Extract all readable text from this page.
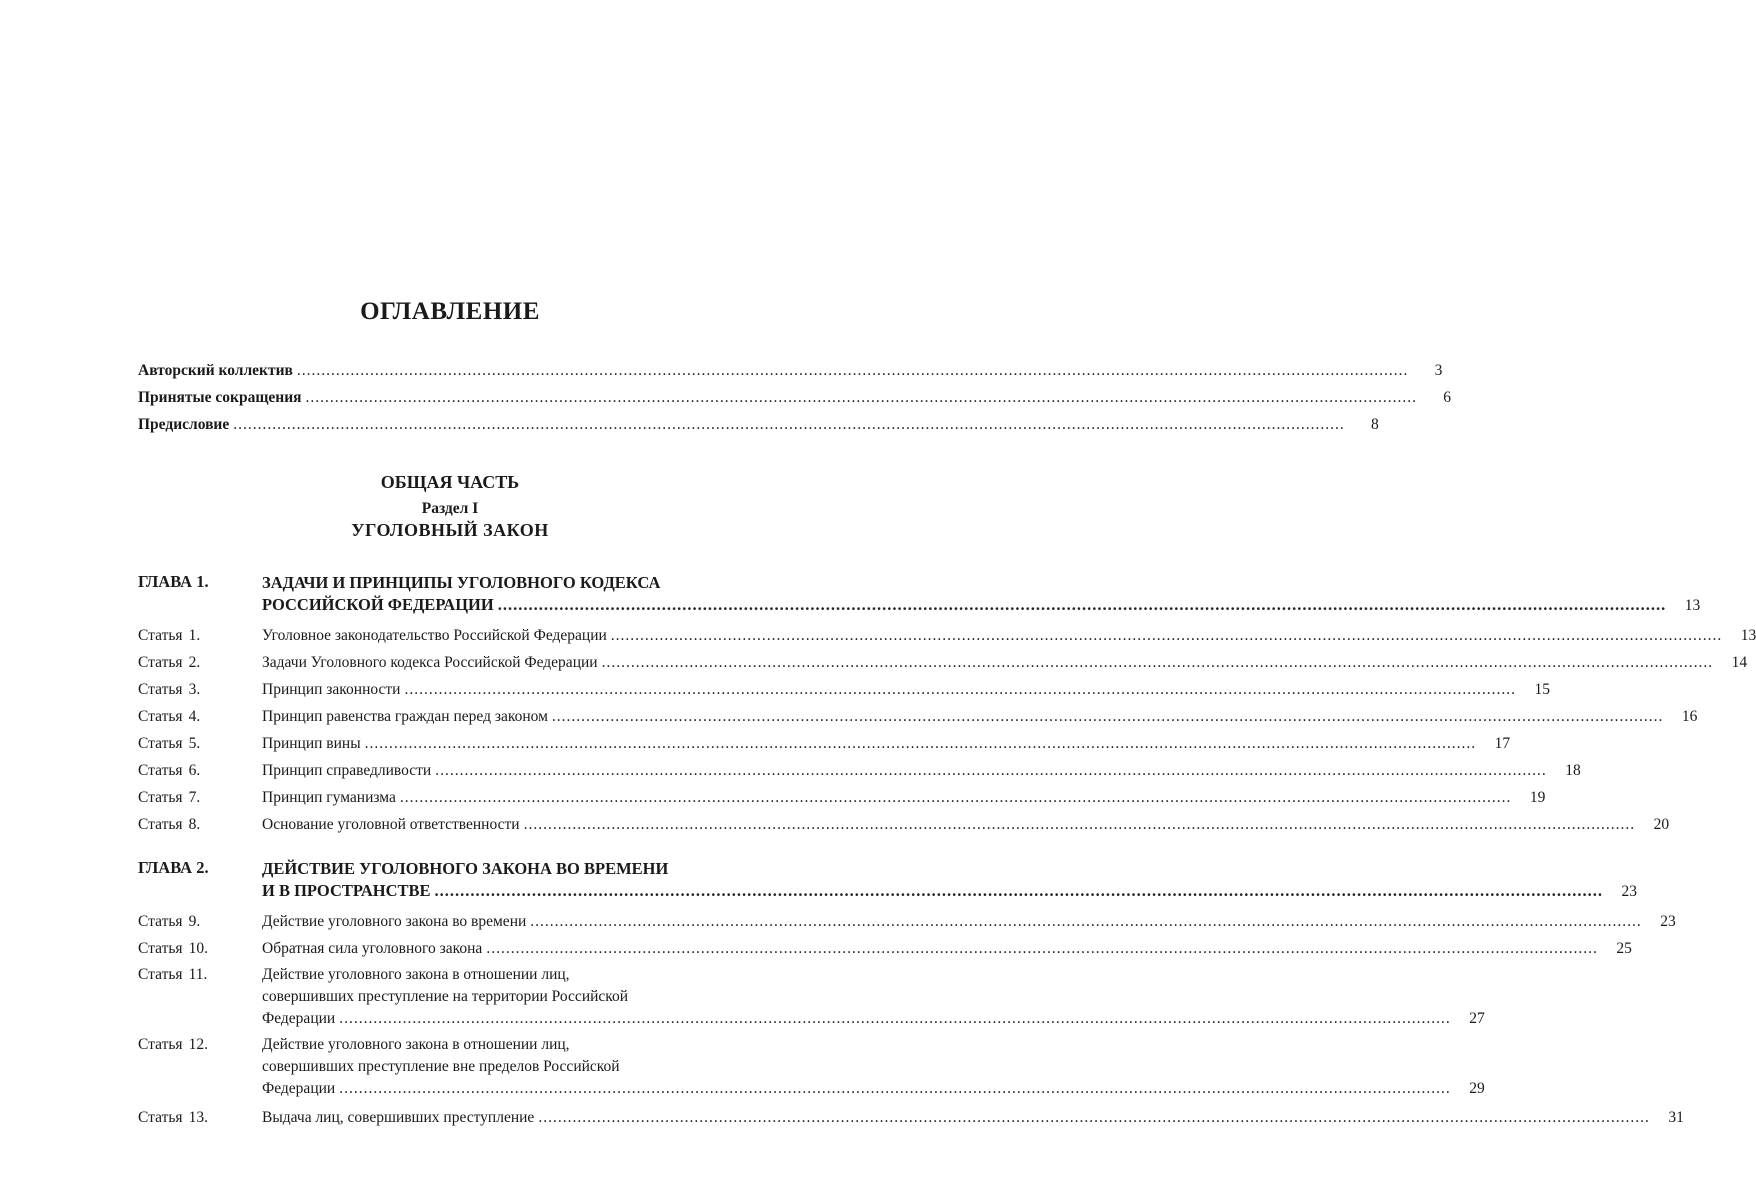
ОГЛАВЛЕНИЕ
Авторский коллектив .....	3
Принятые сокращения .....	6
Предисловие .....	8
ОБЩАЯ ЧАСТЬ
Раздел I
УГОЛОВНЫЙ ЗАКОН
ГЛАВА 1.	ЗАДАЧИ И ПРИНЦИПЫ УГОЛОВНОГО КОДЕКСА
РОССИЙСКОЙ ФЕДЕРАЦИИ .....	13
Статья 1.	Уголовное законодательство Российской Федерации .....	13
Статья 2.	Задачи Уголовного кодекса Российской Федерации .....	14
Статья 3.	Принцип законности .....	15
Статья 4.	Принцип равенства граждан перед законом .....	16
Статья 5.	Принцип вины .....	17
Статья 6.	Принцип справедливости .....	18
Статья 7.	Принцип гуманизма .....	19
Статья 8.	Основание уголовной ответственности .....	20
ГЛАВА 2.	ДЕЙСТВИЕ УГОЛОВНОГО ЗАКОНА ВО ВРЕМЕНИ
И В ПРОСТРАНСТВЕ .....	23
Статья 9.	Действие уголовного закона во времени .....	23
Статья 10.	Обратная сила уголовного закона .....	25
Статья 11.	Действие уголовного закона в отношении лиц,
совершивших преступление на территории Российской
Федерации .....	27
Статья 12.	Действие уголовного закона в отношении лиц,
совершивших преступление вне пределов Российской
Федерации .....	29
Статья 13.	Выдача лиц, совершивших преступление .....	31
